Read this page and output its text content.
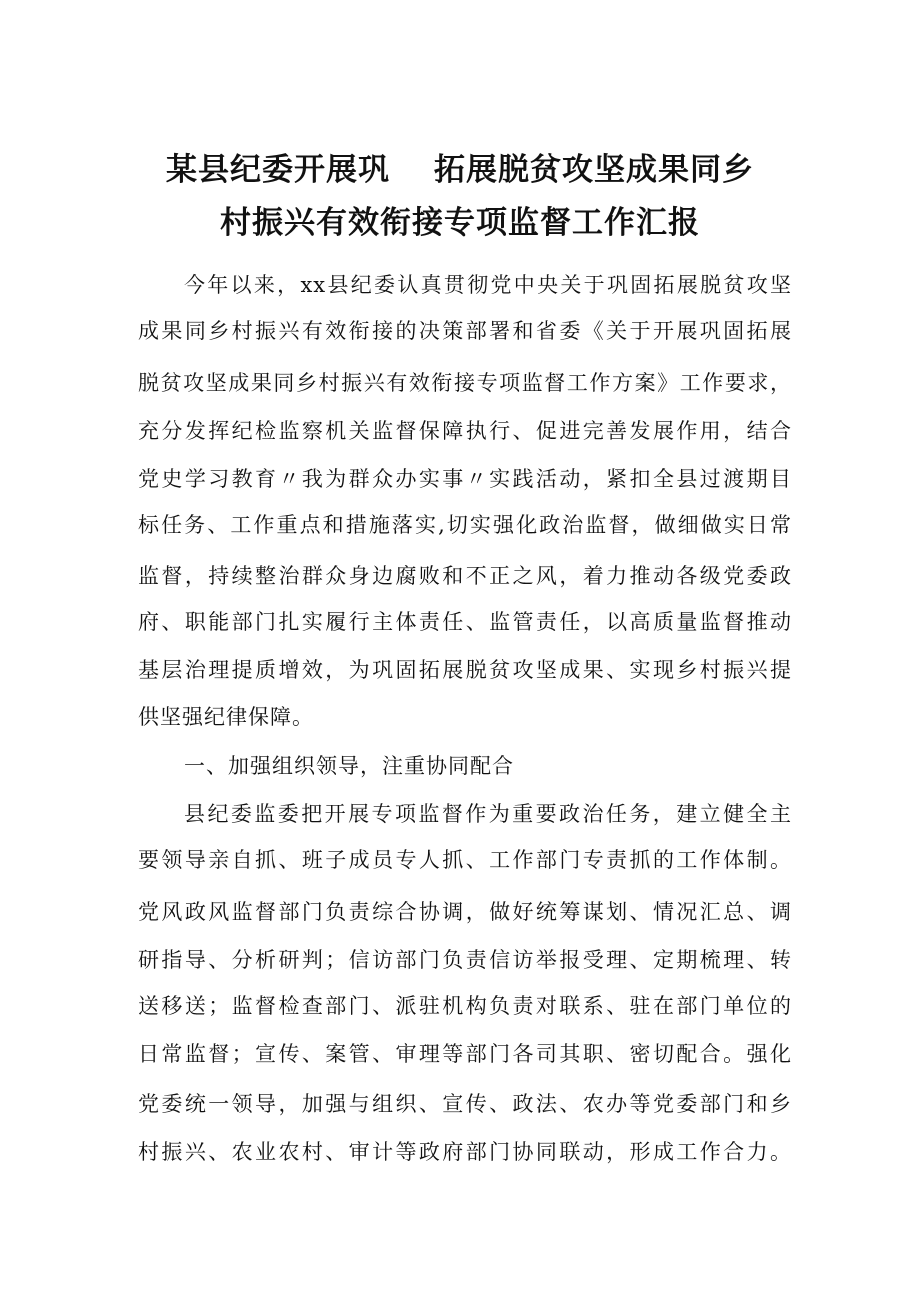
某县纪委开展巩 拓展脱贫攻坚成果同乡
村振兴有效衔接专项监督工作汇报

今年以来，xx县纪委认真贯彻党中央关于巩固拓展脱贫攻坚

成果同乡村振兴有效衔接的决策部署和省委《关于开展巩固拓展

脱贫攻坚成果同乡村振兴有效衔接专项监督工作方案》工作要求，

充分发挥纪检监察机关监督保障执行、促进完善发展作用，结合

党史学习教育〃我为群众办实事〃实践活动，紧扣全县过渡期目

标任务、工作重点和措施落实,切实强化政治监督，做细做实日常

监督，持续整治群众身边腐败和不正之风，着力推动各级党委政

府、职能部门扎实履行主体责任、监管责任，以高质量监督推动

基层治理提质增效，为巩固拓展脱贫攻坚成果、实现乡村振兴提

供坚强纪律保障。

一、加强组织领导，注重协同配合

县纪委监委把开展专项监督作为重要政治任务，建立健全主

要领导亲自抓、班子成员专人抓、工作部门专责抓的工作体制。

党风政风监督部门负责综合协调，做好统筹谋划、情况汇总、调

研指导、分析研判；信访部门负责信访举报受理、定期梳理、转

送移送；监督检查部门、派驻机构负责对联系、驻在部门单位的

日常监督；宣传、案管、审理等部门各司其职、密切配合。强化

党委统一领导，加强与组织、宣传、政法、农办等党委部门和乡

村振兴、农业农村、审计等政府部门协同联动，形成工作合力。
